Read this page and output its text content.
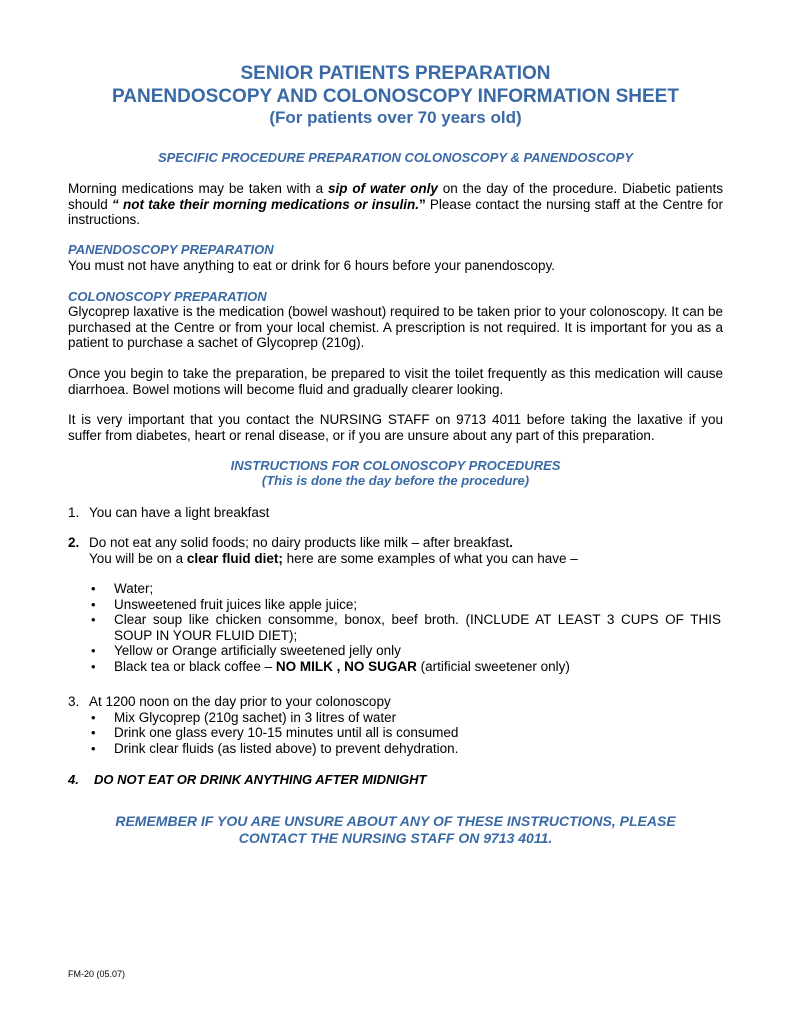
SENIOR PATIENTS PREPARATION
PANENDOSCOPY AND COLONOSCOPY INFORMATION SHEET
(For patients over 70 years old)
SPECIFIC PROCEDURE PREPARATION COLONOSCOPY & PANENDOSCOPY

Morning medications may be taken with a sip of water only on the day of the procedure. Diabetic patients should “ not take their morning medications or insulin.” Please contact the nursing staff at the Centre for instructions.

PANENDOSCOPY PREPARATION

You must not have anything to eat or drink for 6 hours before your panendoscopy.

COLONOSCOPY PREPARATION

Glycoprep laxative is the medication (bowel washout) required to be taken prior to your colonoscopy. It can be purchased at the Centre or from your local chemist. A prescription is not required. It is important for you as a patient to purchase a sachet of Glycoprep (210g).

Once you begin to take the preparation, be prepared to visit the toilet frequently as this medication will cause diarrhoea. Bowel motions will become fluid and gradually clearer looking.

It is very important that you contact the NURSING STAFF on 9713 4011 before taking the laxative if you suffer from diabetes, heart or renal disease, or if you are unsure about any part of this preparation.

INSTRUCTIONS FOR COLONOSCOPY PROCEDURES
(This is done the day before the procedure)
1. You can have a light breakfast
2. Do not eat any solid foods; no dairy products like milk – after breakfast.
You will be on a clear fluid diet; here are some examples of what you can have –
• Water;
• Unsweetened fruit juices like apple juice;
• Clear soup like chicken consomme, bonox, beef broth. (INCLUDE AT LEAST 3 CUPS OF THIS SOUP IN YOUR FLUID DIET);
• Yellow or Orange artificially sweetened jelly only
• Black tea or black coffee – NO MILK , NO SUGAR (artificial sweetener only)
3. At 1200 noon on the day prior to your colonoscopy
• Mix Glycoprep (210g sachet) in 3 litres of water
• Drink one glass every 10-15 minutes until all is consumed
• Drink clear fluids (as listed above) to prevent dehydration.
4. DO NOT EAT OR DRINK ANYTHING AFTER MIDNIGHT
REMEMBER IF YOU ARE UNSURE ABOUT ANY OF THESE INSTRUCTIONS, PLEASE
CONTACT THE NURSING STAFF ON 9713 4011.
FM-20 (05.07)
